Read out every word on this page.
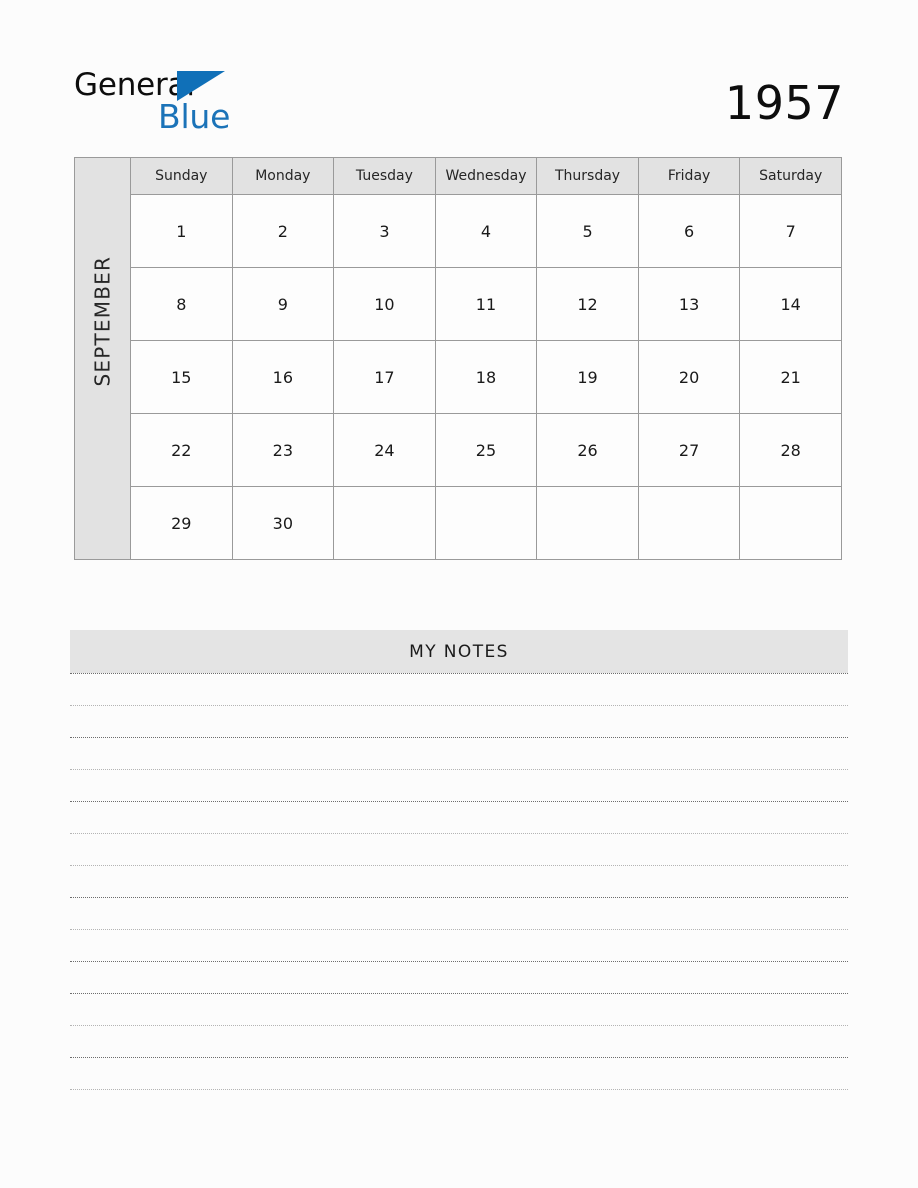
General
Blue	1957
SEPTEMBER	Sunday	Monday	Tuesday	Wednesday	Thursday	Friday	Saturday
	1	2	3	4	5	6	7
	8	9	10	11	12	13	14
	15	16	17	18	19	20	21
	22	23	24	25	26	27	28
	29	30					
MY NOTES
